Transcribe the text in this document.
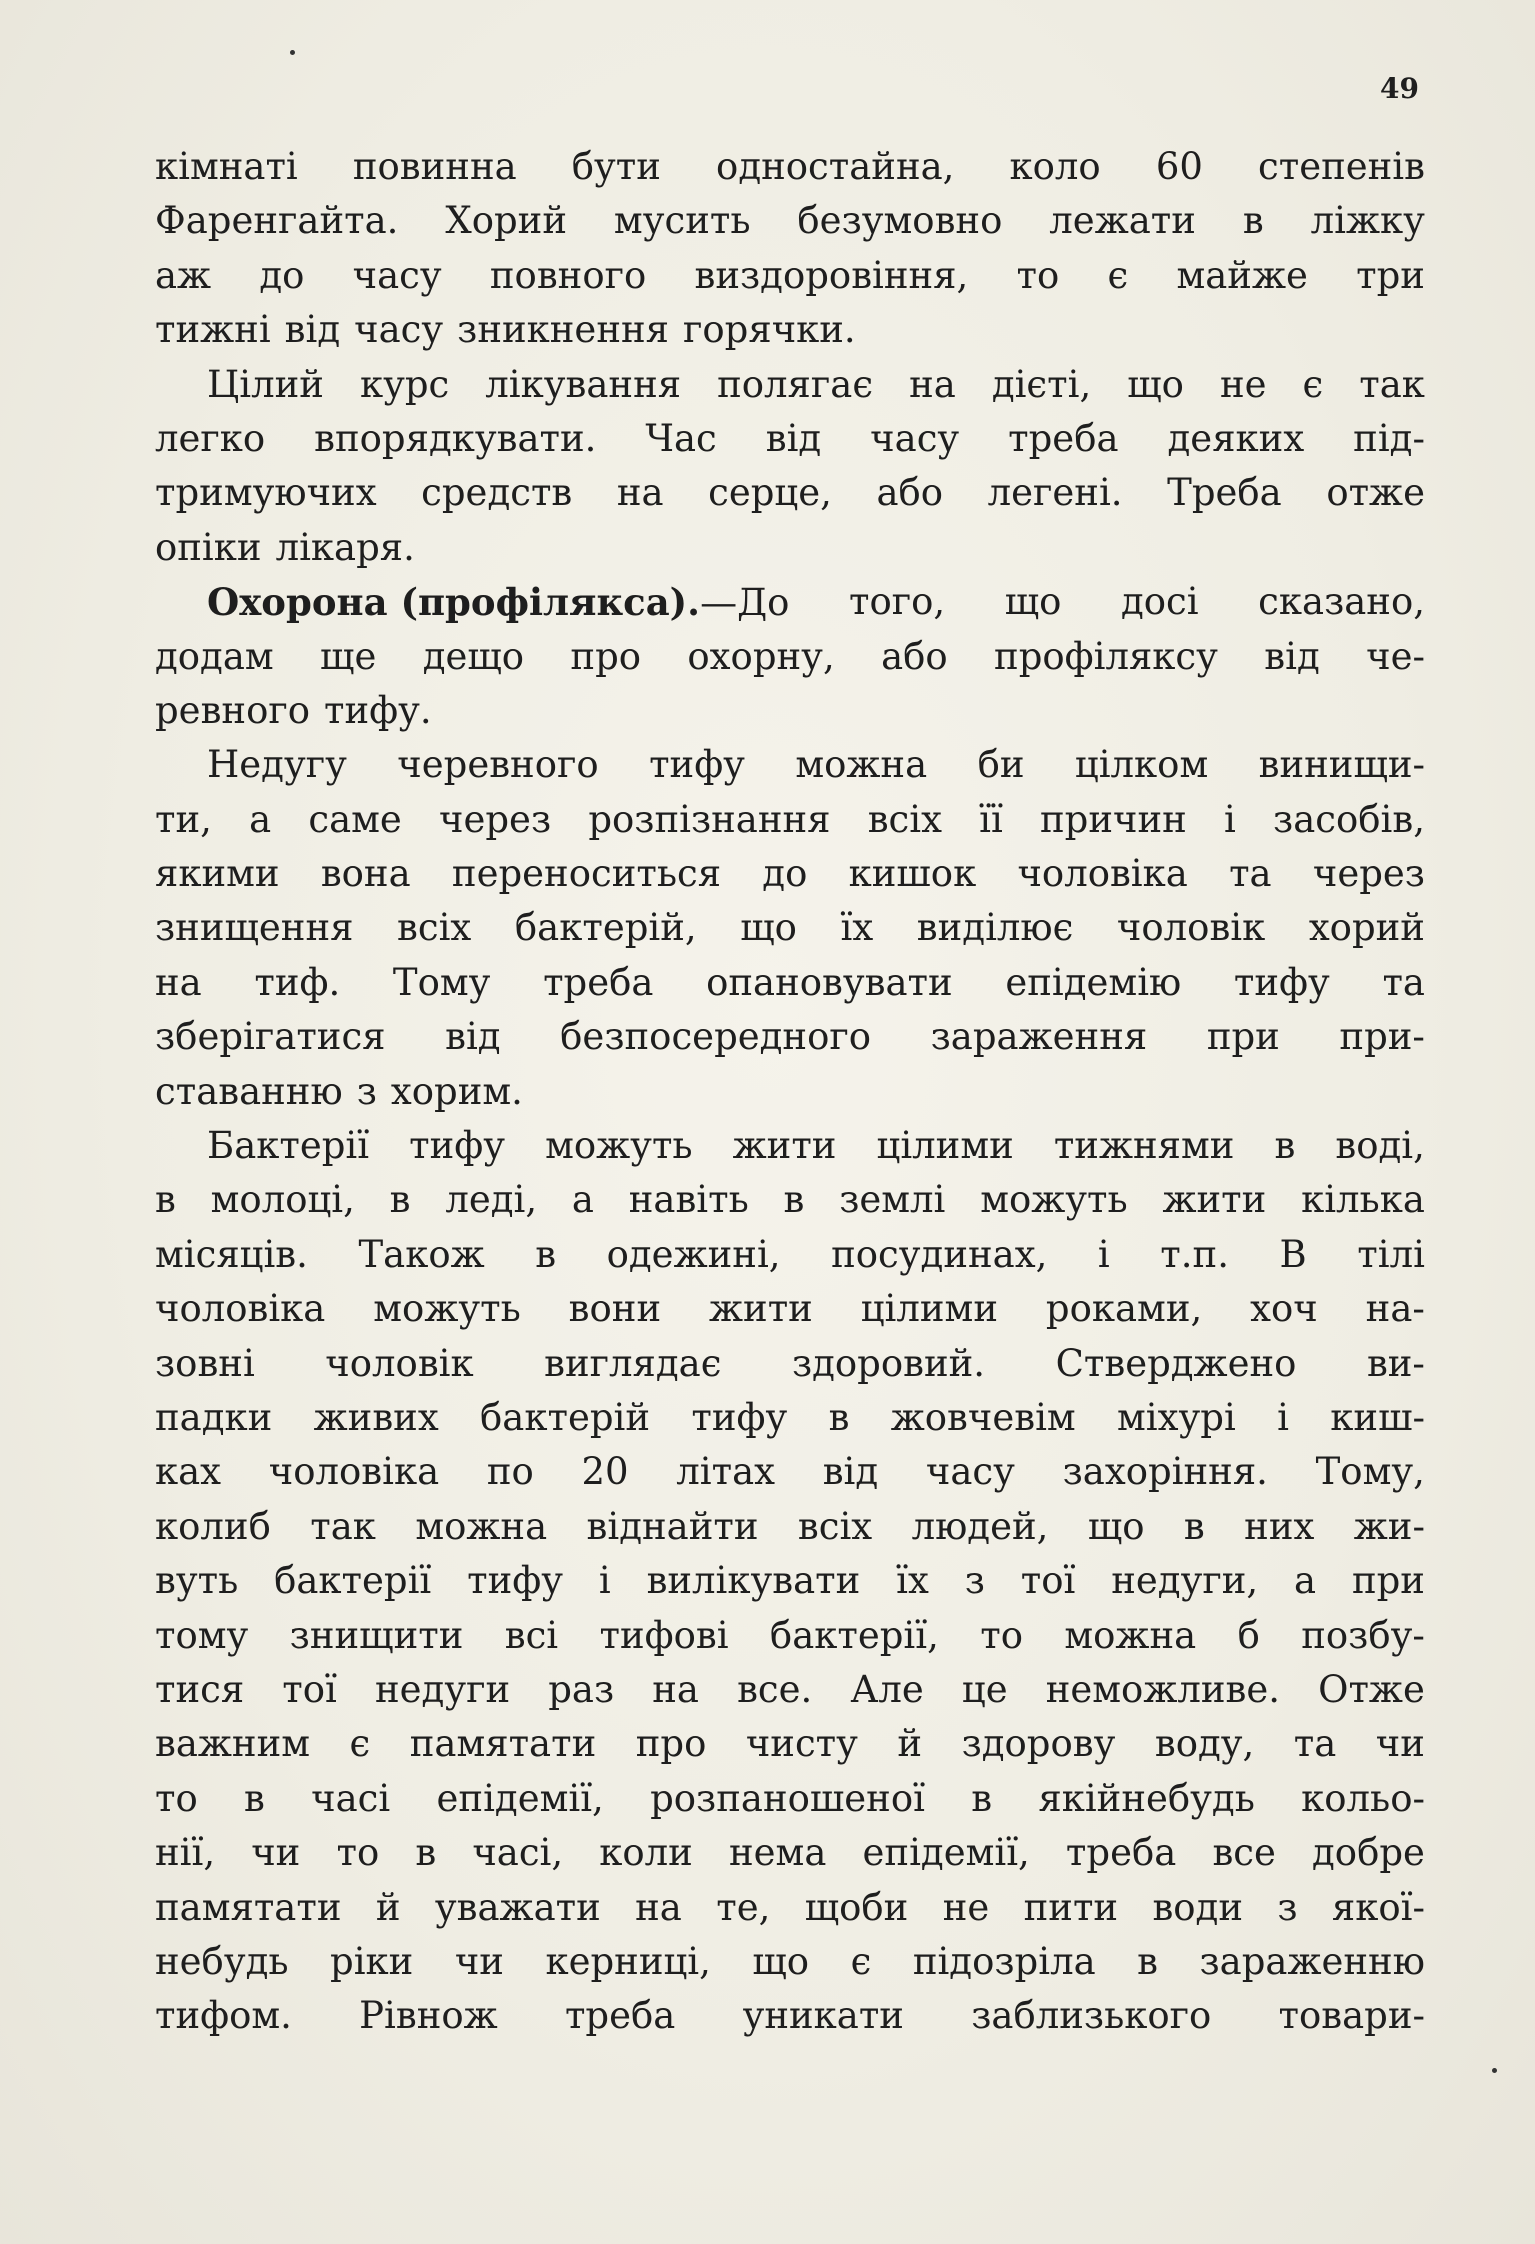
49
кімнаті повинна бути одностайна, коло 60 степенів
Фаренгайта. Хорий мусить безумовно лежати в ліжку
аж до часу повного виздоровіння, то є майже три
тижні від часу зникнення горячки.
Цілий курс лікування полягає на дієті, що не є так
легко впорядкувати. Час від часу треба деяких під-
тримуючих средств на серце, або легені. Треба отже
опіки лікаря.
Охорона (профілякса).—До того, що досі сказано,
додам ще дещо про охорну, або профіляксу від че-
ревного тифу.
Недугу черевного тифу можна би цілком винищи-
ти, а саме через розпізнання всіх її причин і засобів,
якими вона переноситься до кишок чоловіка та через
знищення всіх бактерій, що їх виділює чоловік хорий
на тиф. Тому треба опановувати епідемію тифу та
зберігатися від безпосередного зараження при при-
ставанню з хорим.
Бактерії тифу можуть жити цілими тижнями в воді,
в молоці, в леді, а навіть в землі можуть жити кілька
місяців. Також в одежині, посудинах, і т.п. В тілі
чоловіка можуть вони жити цілими роками, хоч на-
зовні чоловік виглядає здоровий. Стверджено ви-
падки живих бактерій тифу в жовчевім міхурі і киш-
ках чоловіка по 20 літах від часу захоріння. Тому,
колиб так можна віднайти всіх людей, що в них жи-
вуть бактерії тифу і вилікувати їх з тої недуги, а при
тому знищити всі тифові бактерії, то можна б позбу-
тися тої недуги раз на все. Але це неможливе. Отже
важним є памятати про чисту й здорову воду, та чи
то в часі епідемії, розпаношеної в якійнебудь кольо-
нії, чи то в часі, коли нема епідемії, треба все добре
памятати й уважати на те, щоби не пити води з якої-
небудь ріки чи керниці, що є підозріла в зараженню
тифом. Рівнож треба уникати заблизького товари-
